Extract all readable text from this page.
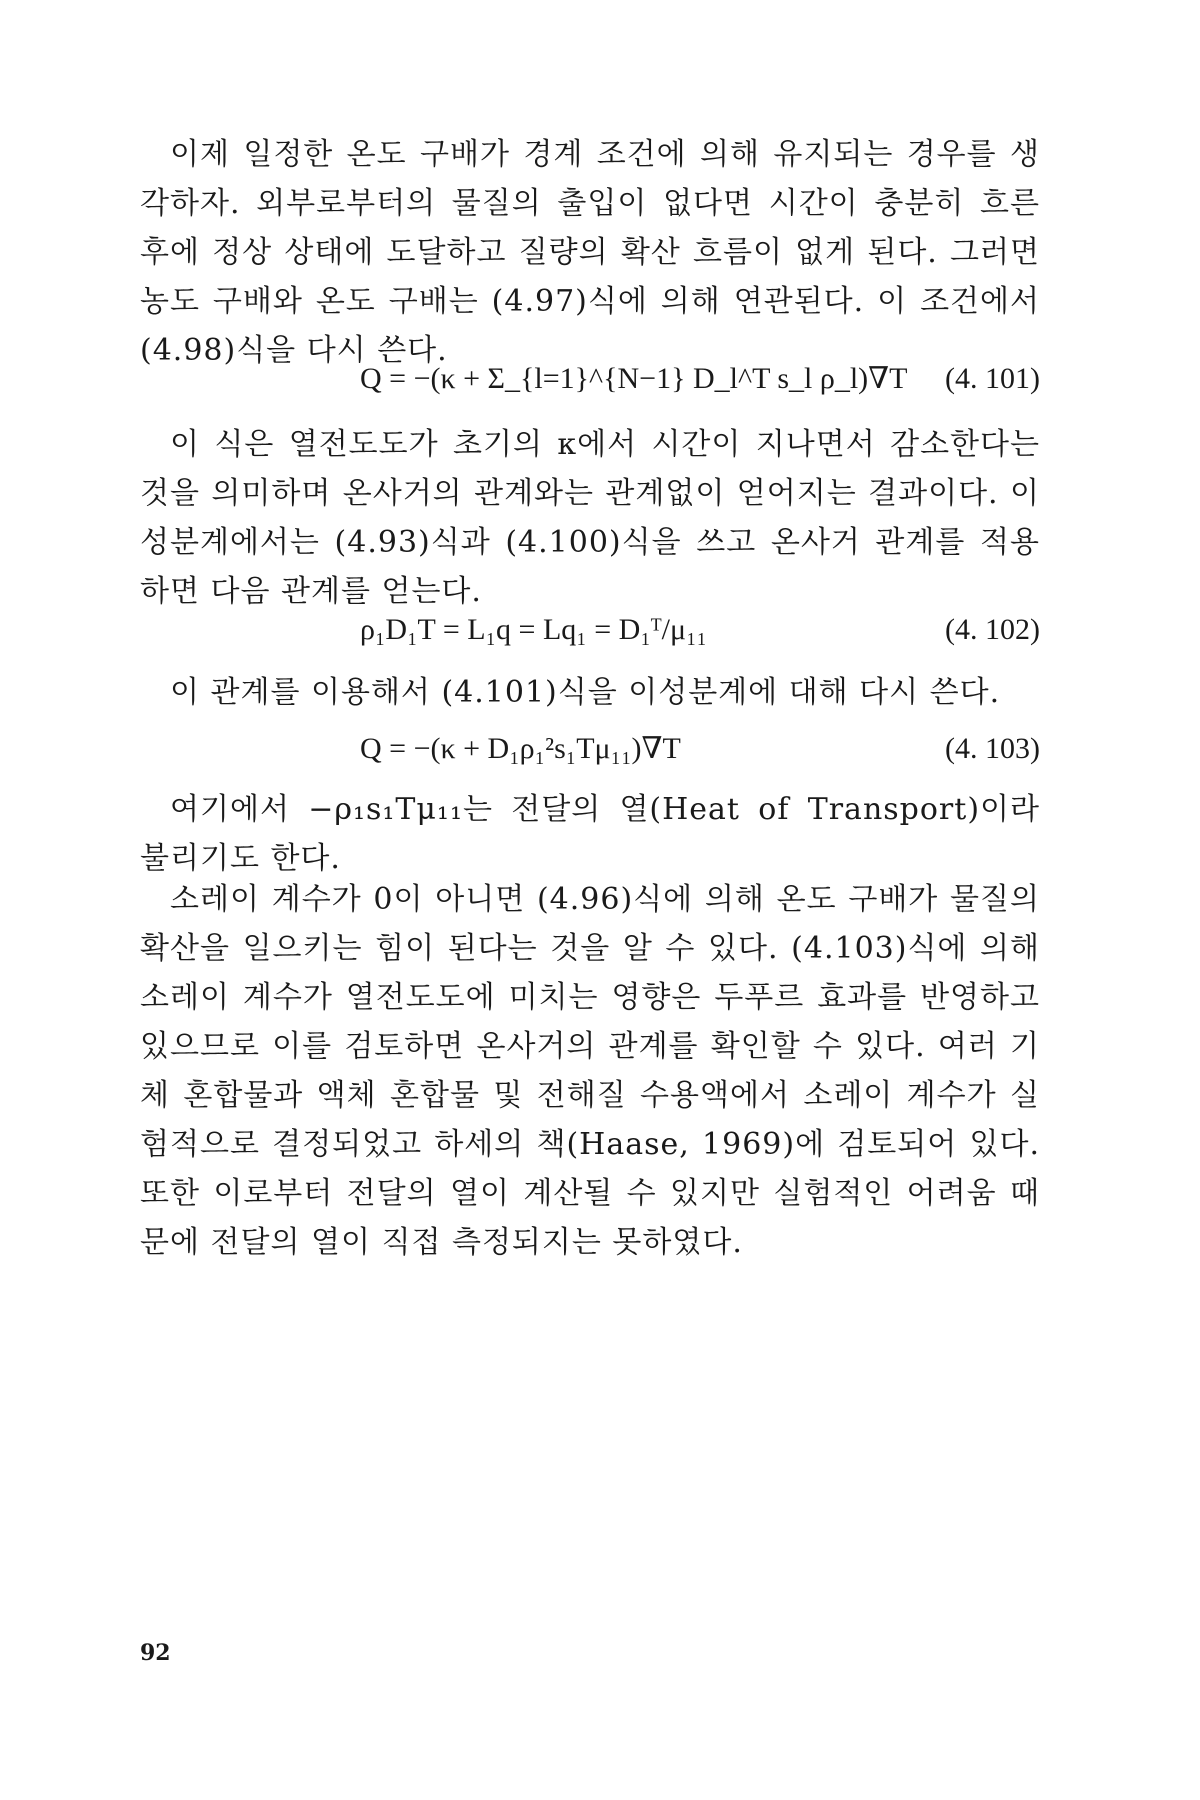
이제 일정한 온도 구배가 경계 조건에 의해 유지되는 경우를 생각하자. 외부로부터의 물질의 출입이 없다면 시간이 충분히 흐른 후에 정상 상태에 도달하고 질량의 확산 흐름이 없게 된다. 그러면 농도 구배와 온도 구배는 (4.97)식에 의해 연관된다. 이 조건에서 (4.98)식을 다시 쓴다.

Q = −(κ + Σ_{l=1}^{N−1} D_l^T s_l ρ_l)∇T (4. 101)

이 식은 열전도도가 초기의 κ에서 시간이 지나면서 감소한다는 것을 의미하며 온사거의 관계와는 관계없이 얻어지는 결과이다. 이성분계에서는 (4.93)식과 (4.100)식을 쓰고 온사거 관계를 적용하면 다음 관계를 얻는다.

ρ₁D₁T = L₁q = Lq₁ = D₁ᵀ/μ₁₁	(4. 102)

이 관계를 이용해서 (4.101)식을 이성분계에 대해 다시 쓴다.

Q = −(κ + D₁ρ₁²s₁Tμ₁₁)∇T	(4. 103)

여기에서 −ρ₁s₁Tμ₁₁는 전달의 열(Heat of Transport)이라 불리기도 한다.

소레이 계수가 0이 아니면 (4.96)식에 의해 온도 구배가 물질의 확산을 일으키는 힘이 된다는 것을 알 수 있다. (4.103)식에 의해 소레이 계수가 열전도도에 미치는 영향은 두푸르 효과를 반영하고 있으므로 이를 검토하면 온사거의 관계를 확인할 수 있다. 여러 기체 혼합물과 액체 혼합물 및 전해질 수용액에서 소레이 계수가 실험적으로 결정되었고 하세의 책(Haase, 1969)에 검토되어 있다. 또한 이로부터 전달의 열이 계산될 수 있지만 실험적인 어려움 때문에 전달의 열이 직접 측정되지는 못하였다.

92
